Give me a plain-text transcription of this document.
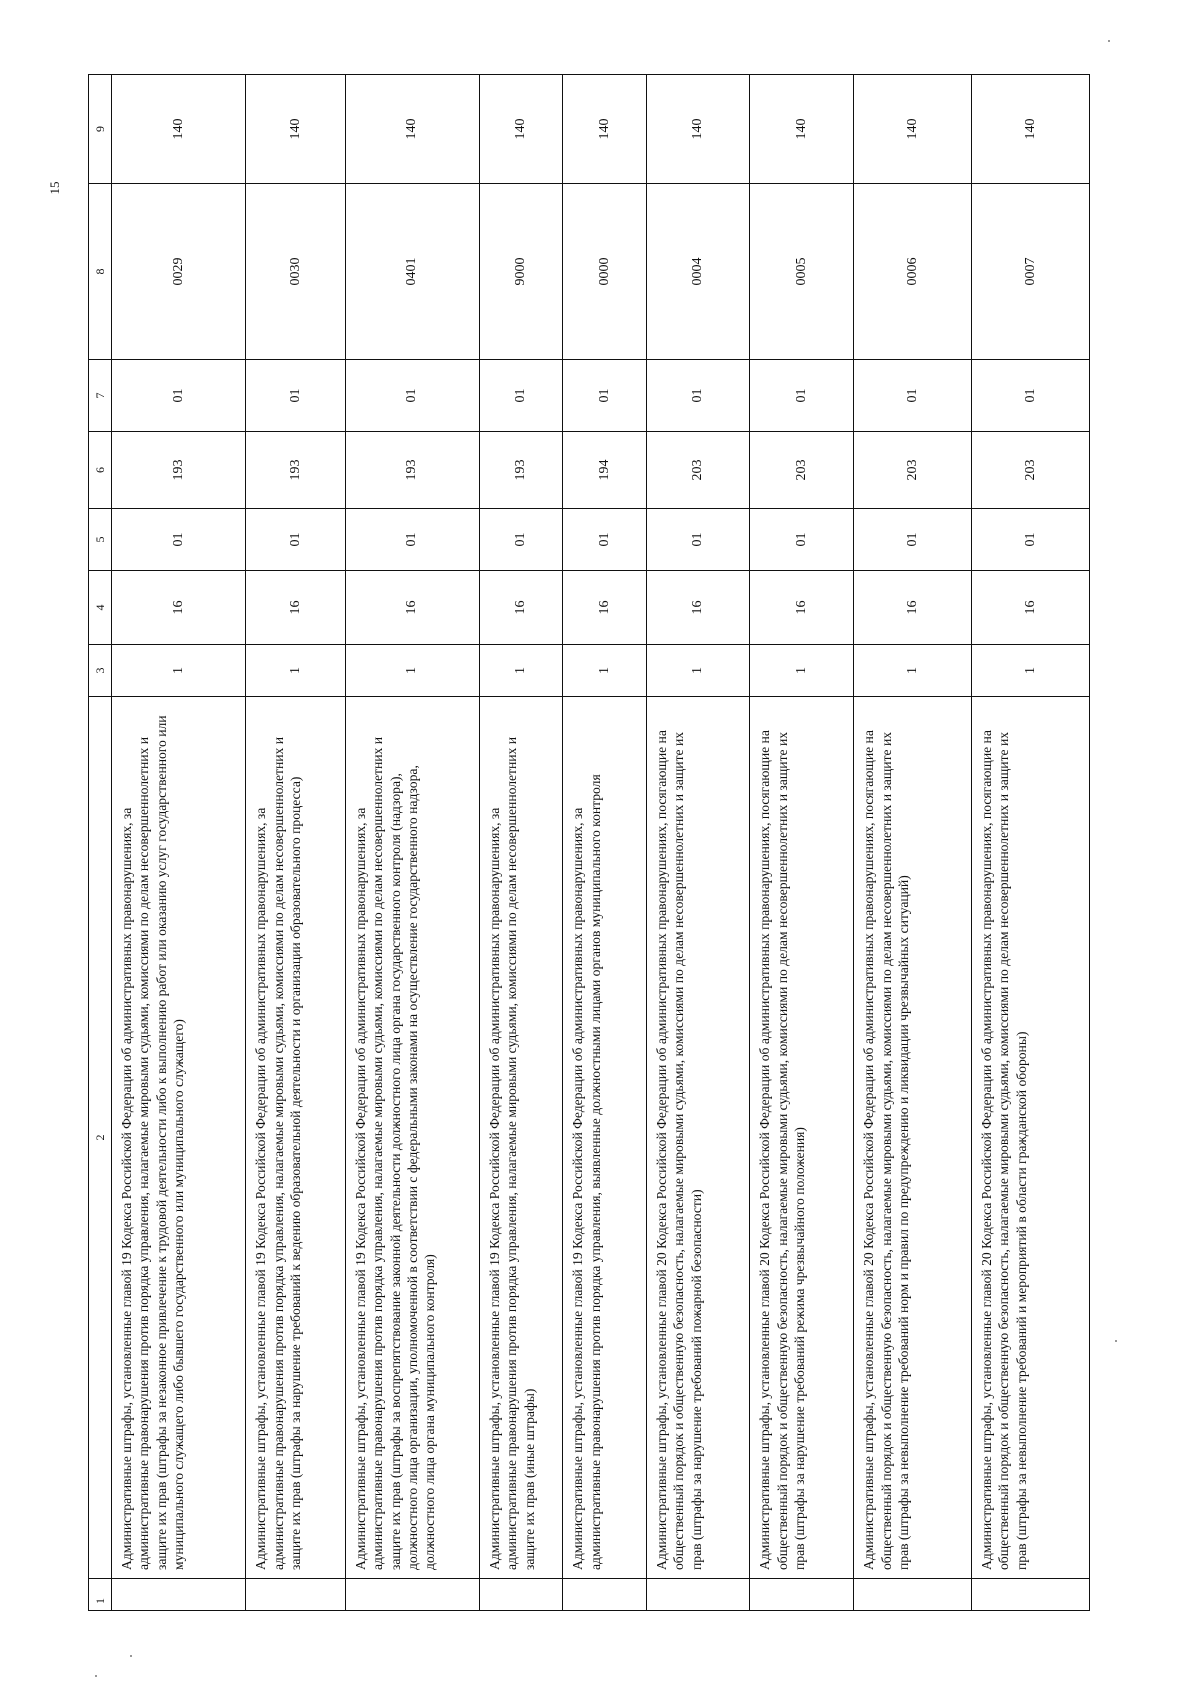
15
1	2	3	4	5	6	7	8	9
	Административные штрафы, установленные главой 19 Кодекса Российской Федерации об административных правонарушениях, за административные правонарушения против порядка управления, налагаемые мировыми судьями, комиссиями по делам несовершеннолетних и защите их прав (штрафы за незаконное привлечение к трудовой деятельности либо к выполнению работ или оказанию услуг государственного или муниципального служащего либо бывшего государственного или муниципального служащего)	1	16	01	193	01	0029	140
	Административные штрафы, установленные главой 19 Кодекса Российской Федерации об административных правонарушениях, за административные правонарушения против порядка управления, налагаемые мировыми судьями, комиссиями по делам несовершеннолетних и защите их прав (штрафы за нарушение требований к ведению образовательной деятельности и организации образовательного процесса)	1	16	01	193	01	0030	140
	Административные штрафы, установленные главой 19 Кодекса Российской Федерации об административных правонарушениях, за административные правонарушения против порядка управления, налагаемые мировыми судьями, комиссиями по делам несовершеннолетних и защите их прав (штрафы за воспрепятствование законной деятельности должностного лица органа государственного контроля (надзора), должностного лица организации, уполномоченной в соответствии с федеральными законами на осуществление государственного надзора, должностного лица органа муниципального контроля)	1	16	01	193	01	0401	140
	Административные штрафы, установленные главой 19 Кодекса Российской Федерации об административных правонарушениях, за административные правонарушения против порядка управления, налагаемые мировыми судьями, комиссиями по делам несовершеннолетних и защите их прав (иные штрафы)	1	16	01	193	01	9000	140
	Административные штрафы, установленные главой 19 Кодекса Российской Федерации об административных правонарушениях, за административные правонарушения против порядка управления, выявленные должностными лицами органов муниципального контроля	1	16	01	194	01	0000	140
	Административные штрафы, установленные главой 20 Кодекса Российской Федерации об административных правонарушениях, посягающие на общественный порядок и общественную безопасность, налагаемые мировыми судьями, комиссиями по делам несовершеннолетних и защите их прав (штрафы за нарушение требований пожарной безопасности)	1	16	01	203	01	0004	140
	Административные штрафы, установленные главой 20 Кодекса Российской Федерации об административных правонарушениях, посягающие на общественный порядок и общественную безопасность, налагаемые мировыми судьями, комиссиями по делам несовершеннолетних и защите их прав (штрафы за нарушение требований режима чрезвычайного положения)	1	16	01	203	01	0005	140
	Административные штрафы, установленные главой 20 Кодекса Российской Федерации об административных правонарушениях, посягающие на общественный порядок и общественную безопасность, налагаемые мировыми судьями, комиссиями по делам несовершеннолетних и защите их прав (штрафы за невыполнение требований норм и правил по предупреждению и ликвидации чрезвычайных ситуаций)	1	16	01	203	01	0006	140
	Административные штрафы, установленные главой 20 Кодекса Российской Федерации об административных правонарушениях, посягающие на общественный порядок и общественную безопасность, налагаемые мировыми судьями, комиссиями по делам несовершеннолетних и защите их прав (штрафы за невыполнение требований и мероприятий в области гражданской обороны)	1	16	01	203	01	0007	140
